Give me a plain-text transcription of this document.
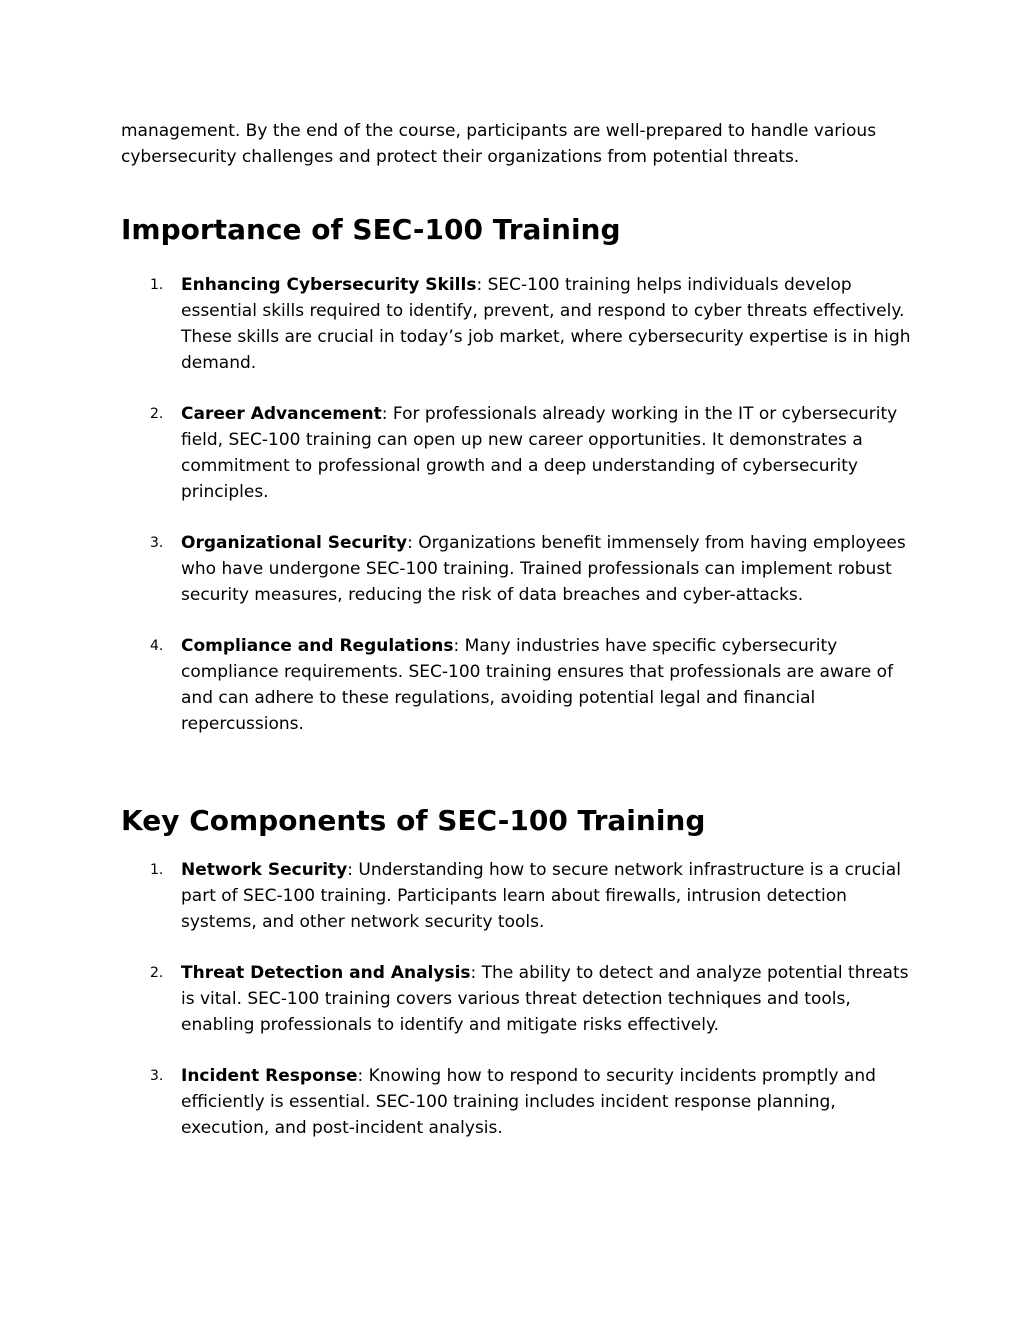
management. By the end of the course, participants are well-prepared to handle various cybersecurity challenges and protect their organizations from potential threats.

Importance of SEC-100 Training
1. Enhancing Cybersecurity Skills: SEC-100 training helps individuals develop essential skills required to identify, prevent, and respond to cyber threats effectively. These skills are crucial in today’s job market, where cybersecurity expertise is in high demand.
2. Career Advancement: For professionals already working in the IT or cybersecurity field, SEC-100 training can open up new career opportunities. It demonstrates a commitment to professional growth and a deep understanding of cybersecurity principles.
3. Organizational Security: Organizations benefit immensely from having employees who have undergone SEC-100 training. Trained professionals can implement robust security measures, reducing the risk of data breaches and cyber-attacks.
4. Compliance and Regulations: Many industries have specific cybersecurity compliance requirements. SEC-100 training ensures that professionals are aware of and can adhere to these regulations, avoiding potential legal and financial repercussions.
Key Components of SEC-100 Training
1. Network Security: Understanding how to secure network infrastructure is a crucial part of SEC-100 training. Participants learn about firewalls, intrusion detection systems, and other network security tools.
2. Threat Detection and Analysis: The ability to detect and analyze potential threats is vital. SEC-100 training covers various threat detection techniques and tools, enabling professionals to identify and mitigate risks effectively.
3. Incident Response: Knowing how to respond to security incidents promptly and efficiently is essential. SEC-100 training includes incident response planning, execution, and post-incident analysis.
